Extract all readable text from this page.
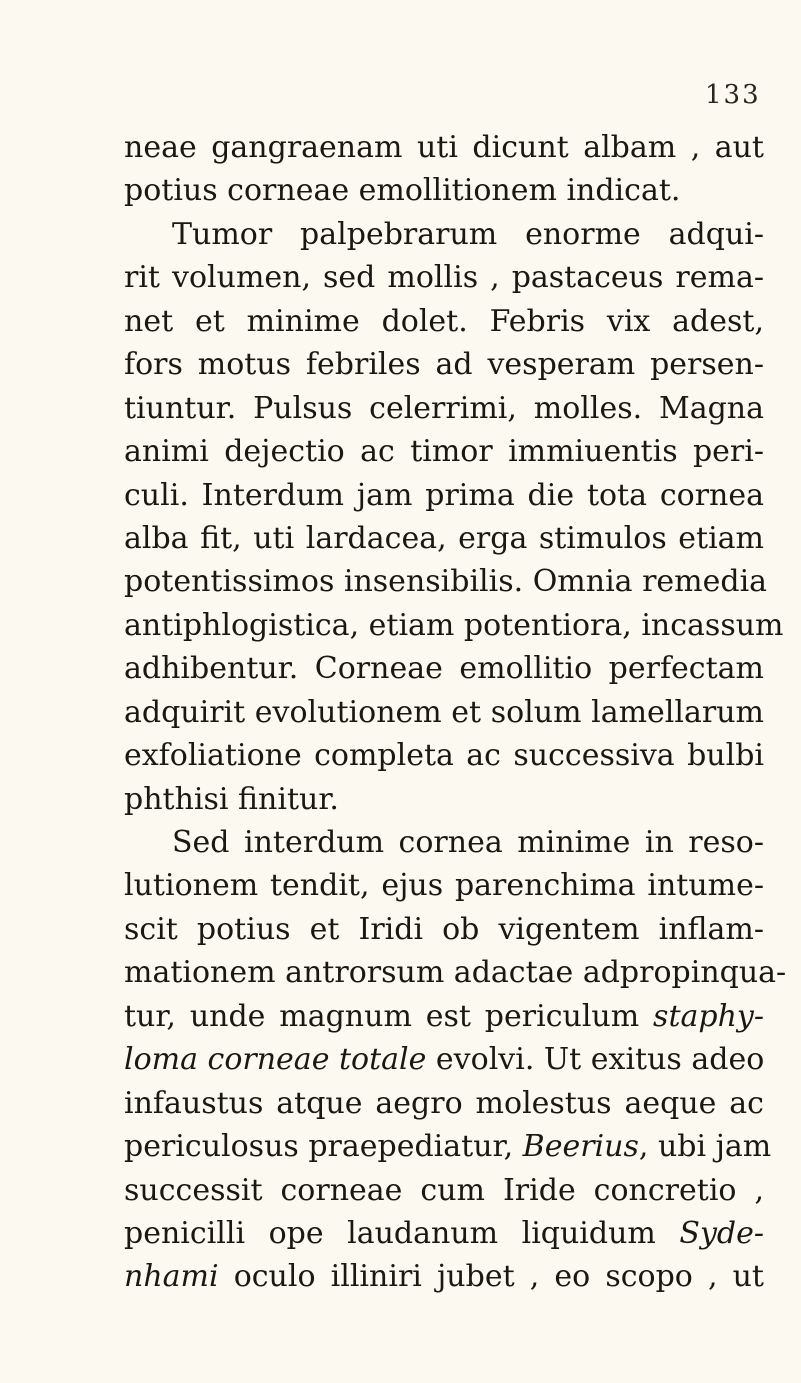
133
neae gangraenam uti dicunt albam , aut
potius corneae emollitionem indicat.
Tumor palpebrarum enorme adqui-
rit volumen, sed mollis , pastaceus rema-
net et minime dolet. Febris vix adest,
fors motus febriles ad vesperam persen-
tiuntur. Pulsus celerrimi, molles. Magna
animi dejectio ac timor immiuentis peri-
culi. Interdum jam prima die tota cornea
alba fit, uti lardacea, erga stimulos etiam
potentissimos insensibilis. Omnia remedia
antiphlogistica, etiam potentiora, incassum
adhibentur. Corneae emollitio perfectam
adquirit evolutionem et solum lamellarum
exfoliatione completa ac successiva bulbi
phthisi finitur.
Sed interdum cornea minime in reso-
lutionem tendit, ejus parenchima intume-
scit potius et Iridi ob vigentem inflam-
mationem antrorsum adactae adpropinqua-
tur, unde magnum est periculum staphy-
loma corneae totale evolvi. Ut exitus adeo
infaustus atque aegro molestus aeque ac
periculosus praepediatur, Beerius, ubi jam
successit corneae cum Iride concretio ,
penicilli ope laudanum liquidum Syde-
nhami oculo illiniri jubet , eo scopo , ut
